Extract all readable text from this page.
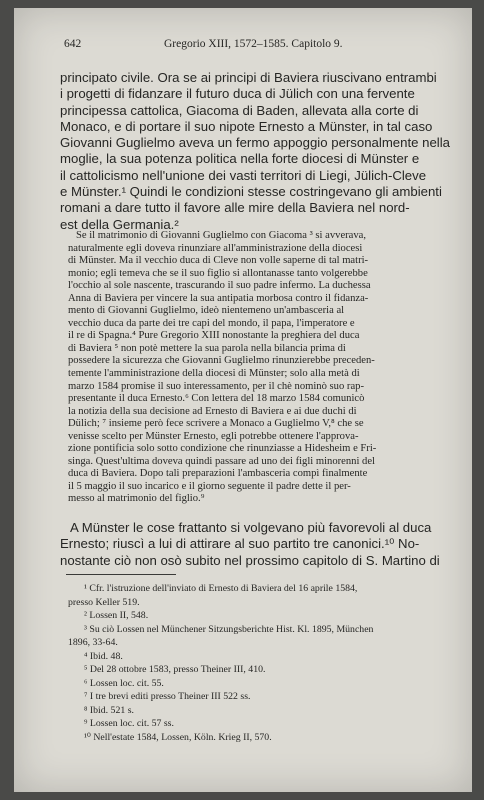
642	Gregorio XIII, 1572–1585. Capitolo 9.
principato civile. Ora se ai principi di Baviera riuscivano entrambi
i progetti di fidanzare il futuro duca di Jülich con una fervente
principessa cattolica, Giacoma di Baden, allevata alla corte di
Monaco, e di portare il suo nipote Ernesto a Münster, in tal caso
Giovanni Guglielmo aveva un fermo appoggio personalmente nella
moglie, la sua potenza politica nella forte diocesi di Münster e
il cattolicismo nell'unione dei vasti territori di Liegi, Jülich-Cleve
e Münster.¹ Quindi le condizioni stesse costringevano gli ambienti
romani a dare tutto il favore alle mire della Baviera nel nord-
est della Germania.²
Se il matrimonio di Giovanni Guglielmo con Giacoma ³ si avverava,
naturalmente egli doveva rinunziare all'amministrazione della diocesi
di Münster. Ma il vecchio duca di Cleve non volle saperne di tal matri-
monio; egli temeva che se il suo figlio si allontanasse tanto volgerebbe
l'occhio al sole nascente, trascurando il suo padre infermo. La duchessa
Anna di Baviera per vincere la sua antipatia morbosa contro il fidanza-
mento di Giovanni Guglielmo, ideò nientemeno un'ambasceria al
vecchio duca da parte dei tre capi del mondo, il papa, l'imperatore e
il re di Spagna.⁴ Pure Gregorio XIII nonostante la preghiera del duca
di Baviera ⁵ non potè mettere la sua parola nella bilancia prima di
possedere la sicurezza che Giovanni Guglielmo rinunzierebbe preceden-
temente l'amministrazione della diocesi di Münster; solo alla metà di
marzo 1584 promise il suo interessamento, per il chè nominò suo rap-
presentante il duca Ernesto.⁶ Con lettera del 18 marzo 1584 comunicò
la notizia della sua decisione ad Ernesto di Baviera e ai due duchi di
Dülich; ⁷ insieme però fece scrivere a Monaco a Guglielmo V,⁸ che se
venisse scelto per Münster Ernesto, egli potrebbe ottenere l'approva-
zione pontificia solo sotto condizione che rinunziasse a Hidesheim e Fri-
singa. Quest'ultima doveva quindi passare ad uno dei figli minorenni del
duca di Baviera. Dopo tali preparazioni l'ambasceria compì finalmente
il 5 maggio il suo incarico e il giorno seguente il padre dette il per-
messo al matrimonio del figlio.⁹
A Münster le cose frattanto si volgevano più favorevoli al duca
Ernesto; riuscì a lui di attirare al suo partito tre canonici.¹⁰ No-
nostante ciò non osò subito nel prossimo capitolo di S. Martino di
¹ Cfr. l'istruzione dell'inviato di Ernesto di Baviera del 16 aprile 1584,
presso Keller 519.
² Lossen II, 548.
³ Su ciò Lossen nel Münchener Sitzungsberichte Hist. Kl. 1895, München
1896, 33-64.
⁴ Ibid. 48.
⁵ Del 28 ottobre 1583, presso Theiner III, 410.
⁶ Lossen loc. cit. 55.
⁷ I tre brevi editi presso Theiner III 522 ss.
⁸ Ibid. 521 s.
⁹ Lossen loc. cit. 57 ss.
¹⁰ Nell'estate 1584, Lossen, Köln. Krieg II, 570.
